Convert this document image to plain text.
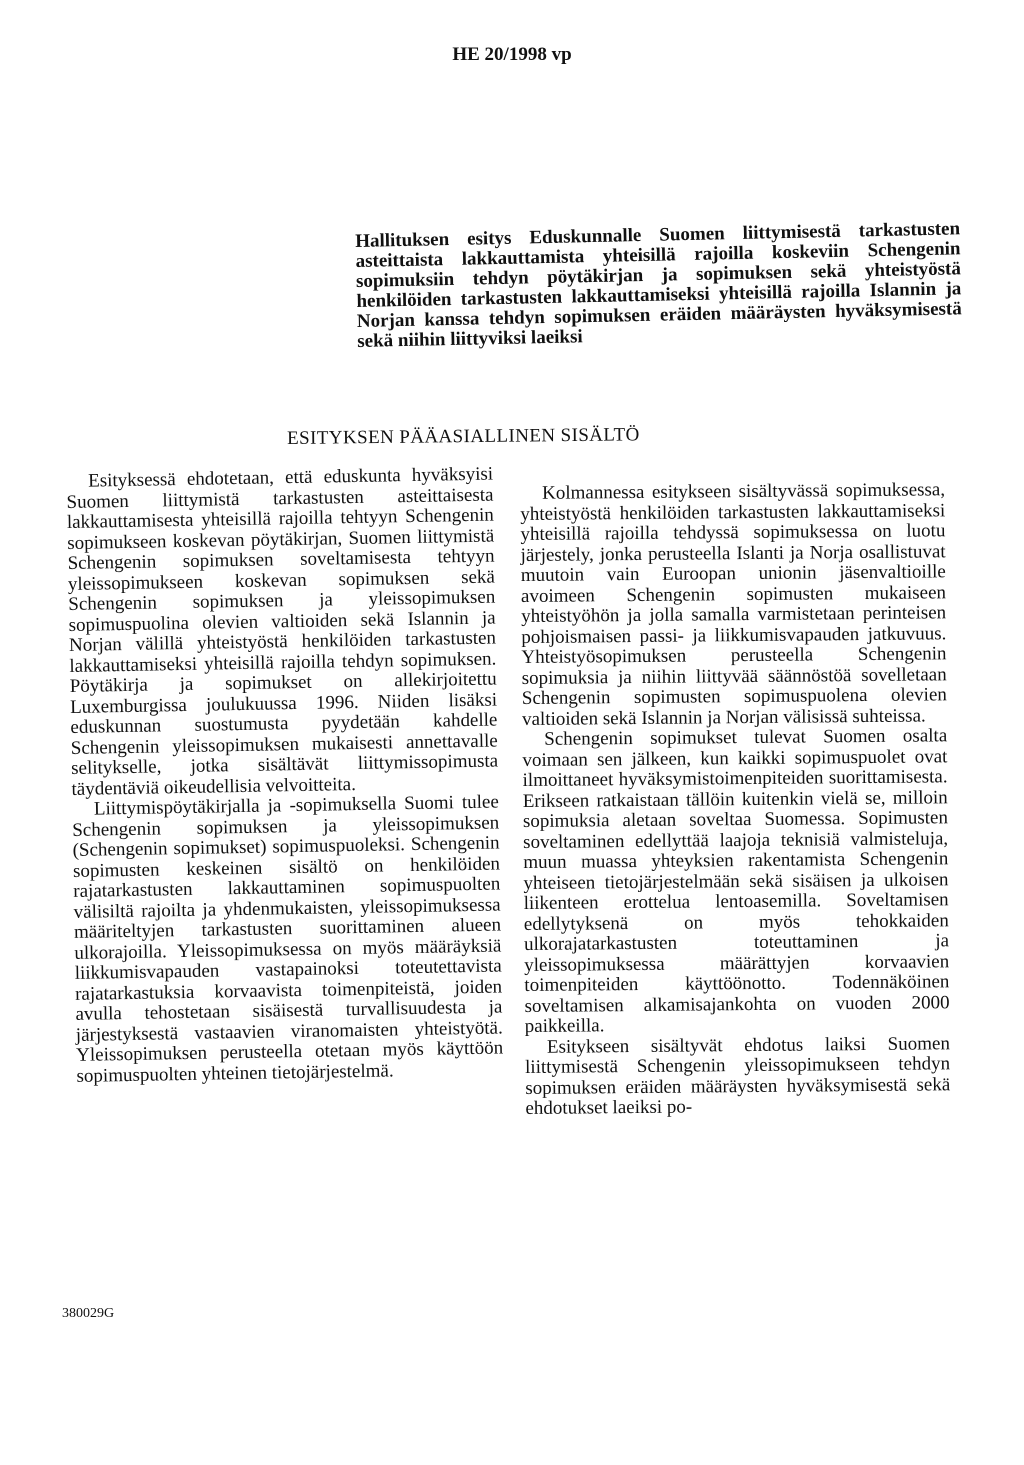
HE 20/1998 vp

Hallituksen esitys Eduskunnalle Suomen liittymisestä tarkastusten asteittaista lakkauttamista yhteisillä rajoilla koskeviin Schengenin sopimuksiin tehdyn pöytäkirjan ja sopimuksen sekä yhteistyöstä henkilöiden tarkastusten lakkauttamiseksi yhteisillä rajoilla Islannin ja Norjan kanssa tehdyn sopimuksen eräiden määräysten hyväksymisestä sekä niihin liittyviksi laeiksi

ESITYKSEN PÄÄASIALLINEN SISÄLTÖ

Esityksessä ehdotetaan, että eduskunta hyväksyisi Suomen liittymistä tarkastusten asteittaisesta lakkauttamisesta yhteisillä rajoilla tehtyyn Schengenin sopimukseen koskevan pöytäkirjan, Suomen liittymistä Schengenin sopimuksen soveltamisesta tehtyyn yleissopimukseen koskevan sopimuksen sekä Schengenin sopimuksen ja yleissopimuksen sopimuspuolina olevien valtioiden sekä Islannin ja Norjan välillä yhteistyöstä henkilöiden tarkastusten lakkauttamiseksi yhteisillä rajoilla tehdyn sopimuksen. Pöytäkirja ja sopimukset on allekirjoitettu Luxemburgissa joulukuussa 1996. Niiden lisäksi eduskunnan suostumusta pyydetään kahdelle Schengenin yleissopimuksen mukaisesti annettavalle selitykselle, jotka sisältävät liittymissopimusta täydentäviä oikeudellisia velvoitteita.

Liittymispöytäkirjalla ja -sopimuksella Suomi tulee Schengenin sopimuksen ja yleissopimuksen (Schengenin sopimukset) sopimuspuoleksi. Schengenin sopimusten keskeinen sisältö on henkilöiden rajatarkastusten lakkauttaminen sopimuspuolten välisiltä rajoilta ja yhdenmukaisten, yleissopimuksessa määriteltyjen tarkastusten suorittaminen alueen ulkorajoilla. Yleissopimuksessa on myös määräyksiä liikkumisvapauden vastapainoksi toteutettavista rajatarkastuksia korvaavista toimenpiteistä, joiden avulla tehostetaan sisäisestä turvallisuudesta ja järjestyksestä vastaavien viranomaisten yhteistyötä. Yleissopimuksen perusteella otetaan myös käyttöön sopimuspuolten yhteinen tietojärjestelmä.

Kolmannessa esitykseen sisältyvässä sopimuksessa, yhteistyöstä henkilöiden tarkastusten lakkauttamiseksi yhteisillä rajoilla tehdyssä sopimuksessa on luotu järjestely, jonka perusteella Islanti ja Norja osallistuvat muutoin vain Euroopan unionin jäsenvaltioille avoimeen Schengenin sopimusten mukaiseen yhteistyöhön ja jolla samalla varmistetaan perinteisen pohjoismaisen passi- ja liikkumisvapauden jatkuvuus. Yhteistyösopimuksen perusteella Schengenin sopimuksia ja niihin liittyvää säännöstöä sovelletaan Schengenin sopimusten sopimuspuolena olevien valtioiden sekä Islannin ja Norjan välisissä suhteissa.

Schengenin sopimukset tulevat Suomen osalta voimaan sen jälkeen, kun kaikki sopimuspuolet ovat ilmoittaneet hyväksymistoimenpiteiden suorittamisesta. Erikseen ratkaistaan tällöin kuitenkin vielä se, milloin sopimuksia aletaan soveltaa Suomessa. Sopimusten soveltaminen edellyttää laajoja teknisiä valmisteluja, muun muassa yhteyksien rakentamista Schengenin yhteiseen tietojärjestelmään sekä sisäisen ja ulkoisen liikenteen erottelua lentoasemilla. Soveltamisen edellytyksenä on myös tehokkaiden ulkorajatarkastusten toteuttaminen ja yleissopimuksessa määrättyjen korvaavien toimenpiteiden käyttöönotto. Todennäköinen soveltamisen alkamisajankohta on vuoden 2000 paikkeilla.

Esitykseen sisältyvät ehdotus laiksi Suomen liittymisestä Schengenin yleissopimukseen tehdyn sopimuksen eräiden määräysten hyväksymisestä sekä ehdotukset laeiksi po-

380029G
